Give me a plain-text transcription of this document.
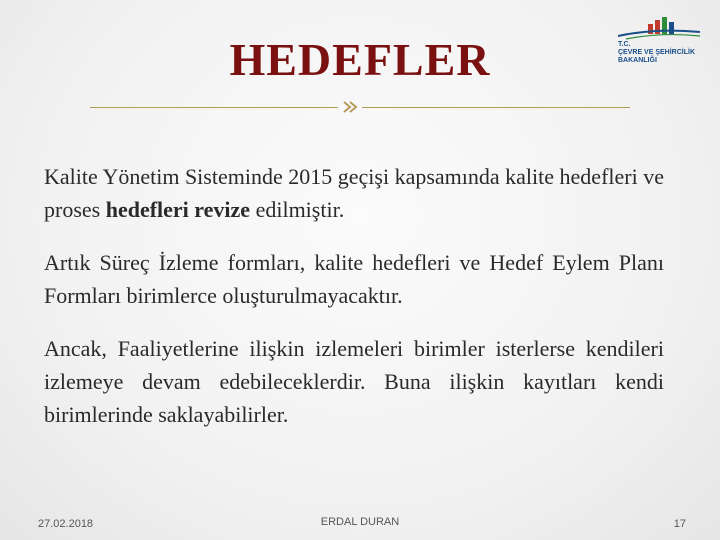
HEDEFLER	T.C.
ÇEVRE VE ŞEHİRCİLİK
BAKANLIĞI

Kalite Yönetim Sisteminde 2015 geçişi kapsamında kalite hedefleri ve proses hedefleri revize edilmiştir.

Artık Süreç İzleme formları, kalite hedefleri ve Hedef Eylem Planı Formları birimlerce oluşturulmayacaktır.

Ancak, Faaliyetlerine ilişkin izlemeleri birimler isterlerse kendileri izlemeye devam edebileceklerdir. Buna ilişkin kayıtları kendi birimlerinde saklayabilirler.

27.02.2018	ERDAL DURAN	17
